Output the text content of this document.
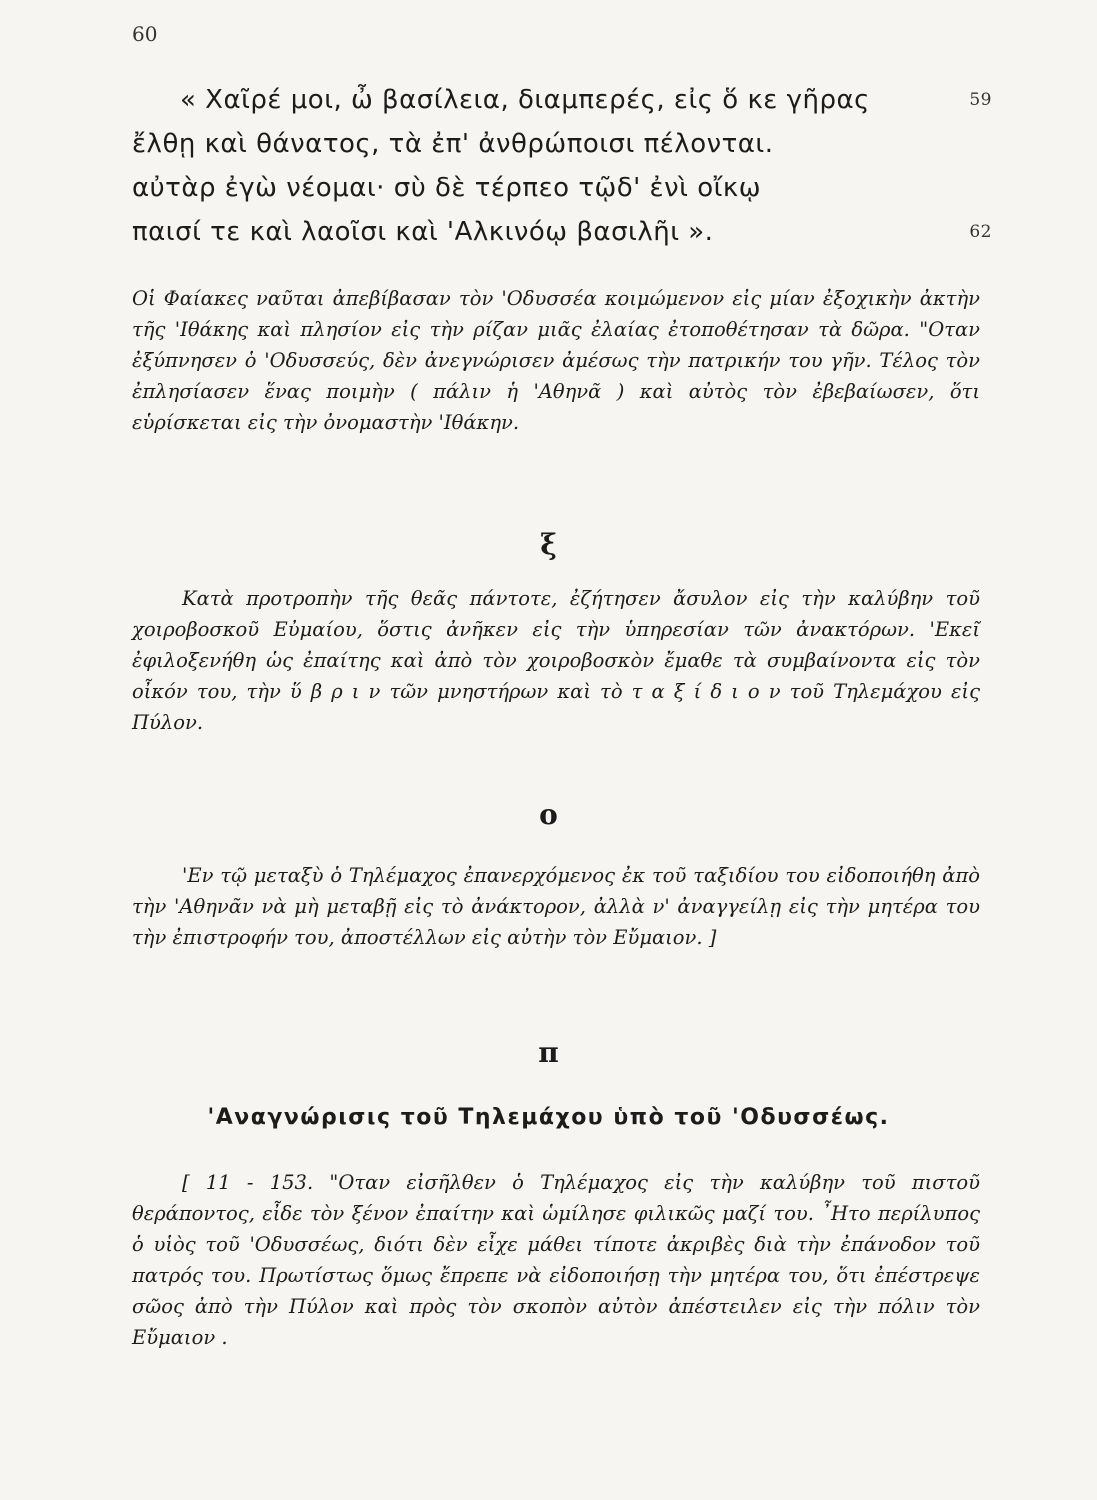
60
« Χαῖρέ μοι, ὦ βασίλεια, διαμπερές, εἰς ὅ κε γῆρας	59
ἔλθῃ καὶ θάνατος, τὰ ἐπ' ἀνθρώποισι πέλονται.
αὐτὰρ ἐγὼ νέομαι· σὺ δὲ τέρπεο τῷδ' ἐνὶ οἴκῳ
παισί τε καὶ λαοῖσι καὶ 'Αλκινόῳ βασιλῆι ».	62

Οἱ Φαίακες ναῦται ἀπεβίβασαν τὸν 'Οδυσσέα κοιμώμενον εἰς μίαν ἐξοχικὴν ἀκτὴν τῆς 'Ιθάκης καὶ πλησίον εἰς τὴν ρίζαν μιᾶς ἐλαίας ἐτοποθέτησαν τὰ δῶρα. "Οταν ἐξύπνησεν ὁ 'Οδυσσεύς, δὲν ἀνεγνώρισεν ἀμέσως τὴν πατρικήν του γῆν. Τέλος τὸν ἐπλησίασεν ἕνας ποιμὴν ( πάλιν ἡ 'Αθηνᾶ ) καὶ αὐτὸς τὸν ἐβεβαίωσεν, ὅτι εὑρίσκεται εἰς τὴν ὀνομαστὴν 'Ιθάκην.

ξ

Κατὰ προτροπὴν τῆς θεᾶς πάντοτε, ἐζήτησεν ἄσυλον εἰς τὴν καλύβην τοῦ χοιροβοσκοῦ Εὐμαίου, ὅστις ἀνῆκεν εἰς τὴν ὑπηρεσίαν τῶν ἀνακτόρων. 'Εκεῖ ἐφιλοξενήθη ὡς ἐπαίτης καὶ ἀπὸ τὸν χοιροβοσκὸν ἔμαθε τὰ συμβαίνοντα εἰς τὸν οἶκόν του, τὴν ὕ β ρ ι ν τῶν μνηστήρων καὶ τὸ τ α ξ ί δ ι ο ν τοῦ Τηλεμάχου εἰς Πύλον.

ο

'Εν τῷ μεταξὺ ὁ Τηλέμαχος ἐπανερχόμενος ἐκ τοῦ ταξιδίου του εἰδοποιήθη ἀπὸ τὴν 'Αθηνᾶν νὰ μὴ μεταβῇ εἰς τὸ ἀνάκτορον, ἀλλὰ ν' ἀναγγείλῃ εἰς τὴν μητέρα του τὴν ἐπιστροφήν του, ἀποστέλλων εἰς αὐτὴν τὸν Εὔμαιον. ]

π
'Αναγνώρισις τοῦ Τηλεμάχου ὑπὸ τοῦ 'Οδυσσέως.

[ 11 - 153. "Οταν εἰσῆλθεν ὁ Τηλέμαχος εἰς τὴν καλύβην τοῦ πιστοῦ θεράποντος, εἶδε τὸν ξένον ἐπαίτην καὶ ὡμίλησε φιλικῶς μαζί του. ῏Ητο περίλυπος ὁ υἱὸς τοῦ 'Οδυσσέως, διότι δὲν εἶχε μάθει τίποτε ἀκριβὲς διὰ τὴν ἐπάνοδον τοῦ πατρός του. Πρωτίστως ὅμως ἔπρεπε νὰ εἰδοποιήσῃ τὴν μητέρα του, ὅτι ἐπέστρεψε σῶος ἀπὸ τὴν Πύλον καὶ πρὸς τὸν σκοπὸν αὐτὸν ἀπέστειλεν εἰς τὴν πόλιν τὸν Εὔμαιον .
